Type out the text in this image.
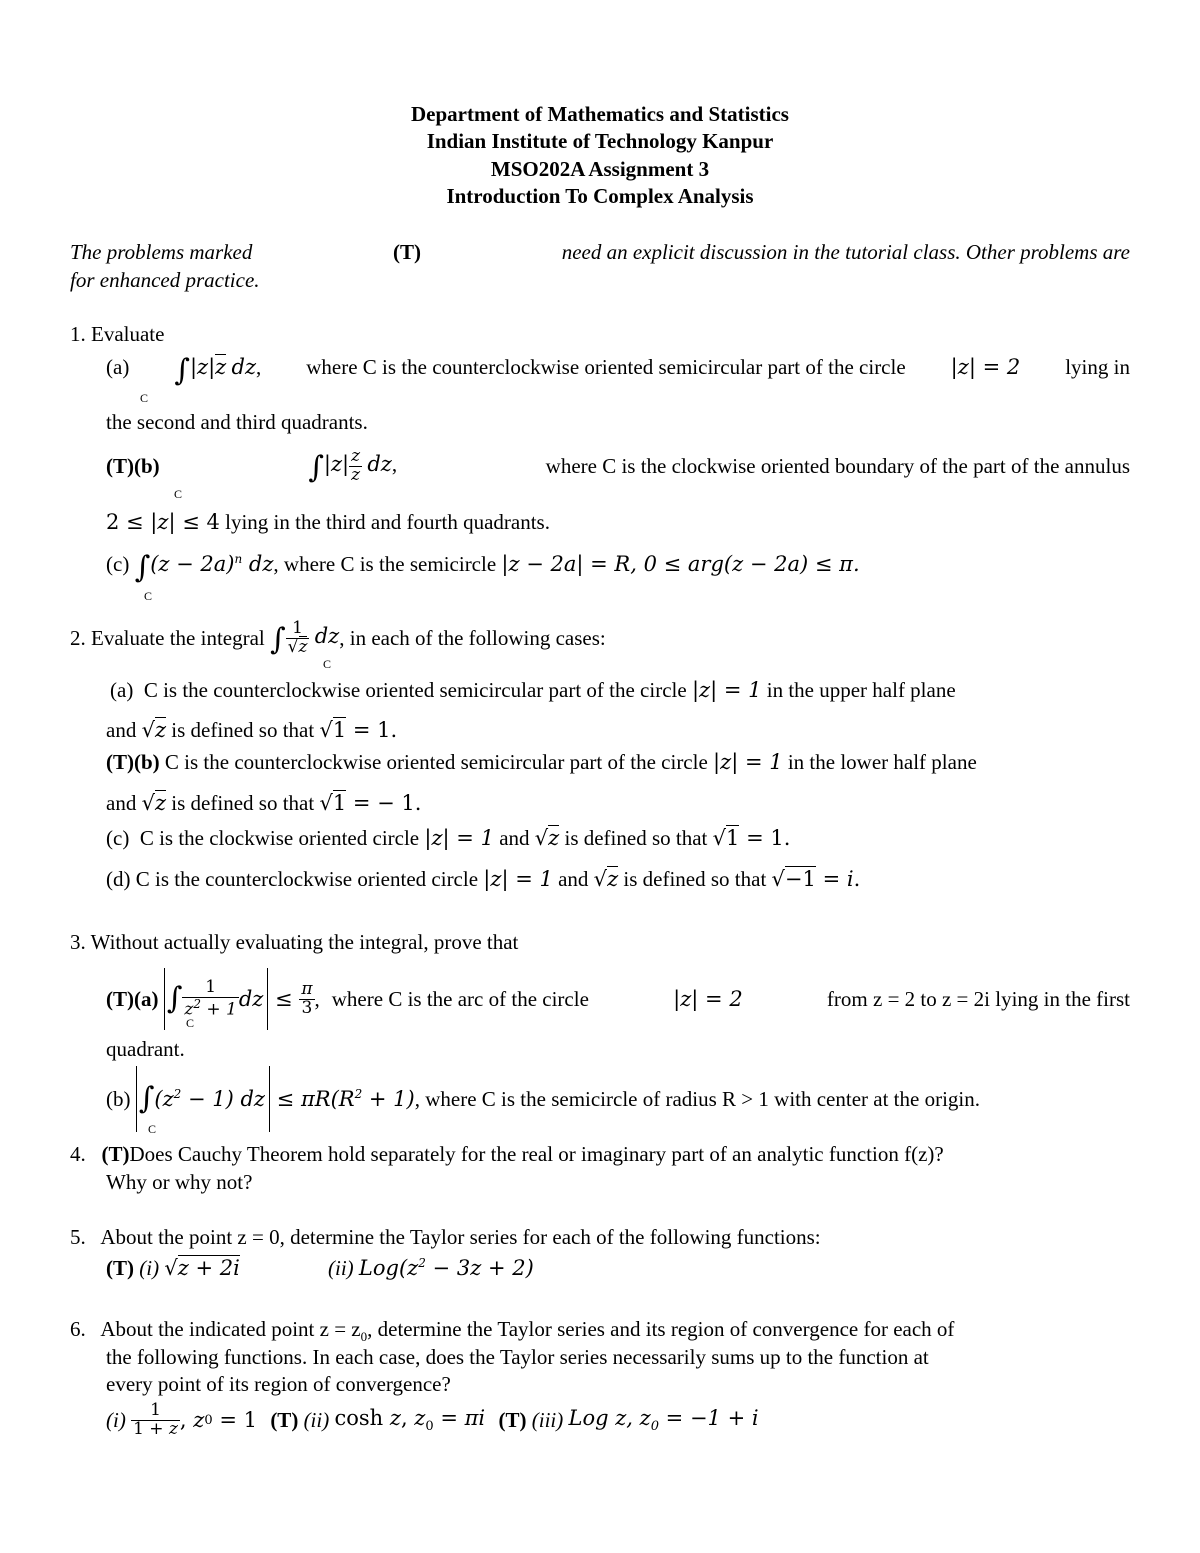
Department of Mathematics and Statistics
Indian Institute of Technology Kanpur
MSO202A Assignment 3
Introduction To Complex Analysis
The problems marked	(T)	need an explicit discussion in the tutorial class. Other problems are
for enhanced practice.
1. Evaluate
(a) ∫|z|z dz, where C is the counterclockwise oriented semicircular part of the circle |z| = 2 lying in
C
the second and third quadrants.
(T)(b)	$\int|z| \frac{z}{z}$ dz,	where C is the clockwise oriented boundary of the part of the annulus
C
2 ≤ |z| ≤ 4 lying in the third and fourth quadrants.
(c) $\int(z - 2a)^n$ dz, where C is the semicircle |z − 2a| = R, 0 ≤ arg(z − 2a) ≤ π.
C
2. Evaluate the integral
∫ $\frac{1}{√z}$ dz , in each of the following cases:
C
(a) C is the counterclockwise oriented semicircular part of the circle |z| = 1 in the upper half plane
and √z is defined so that √1 = 1.
(T)(b) C is the counterclockwise oriented semicircular part of the circle |z| = 1 in the lower half plane
and √z is defined so that √1 = − 1.
(c) C is the clockwise oriented circle |z| = 1 and √z is defined so that √1 = 1.
(d) C is the counterclockwise oriented circle |z| = 1 and √z is defined so that √−1 = i.
3. Without actually evaluating the integral, prove that
(T)(a)
∫ $\frac{1}{z^2 + 1}$ dz ≤ $\frac{\pi}{3}$ , where C is the arc of the circle	|z| = 2	from z = 2 to z = 2i lying in the first
C
quadrant.
(b)
∫ $(z^2 - 1)$ dz ≤ $\pi R(R^2 + 1)$ , where C is the semicircle of radius R > 1 with center at the origin.
C
4. (T)Does Cauchy Theorem hold separately for the real or imaginary part of an analytic function f(z)?
Why or why not?
5. About the point z = 0, determine the Taylor series for each of the following functions:
(T) (i) √z + 2i	(ii) $Log(z^2 - 3z + 2)$
6. About the indicated point $z = z_0$, determine the Taylor series and its region of convergence for each of
the following functions. In each case, does the Taylor series necessarily sums up to the function at
every point of its region of convergence?
(i)
$\frac{1}{1 + z}$ , z 0 = 1 (T)
(ii)
cosh z, $z_0 = \pi i$ (T)
(iii)
Log z, $z_0 = -1 + i$
